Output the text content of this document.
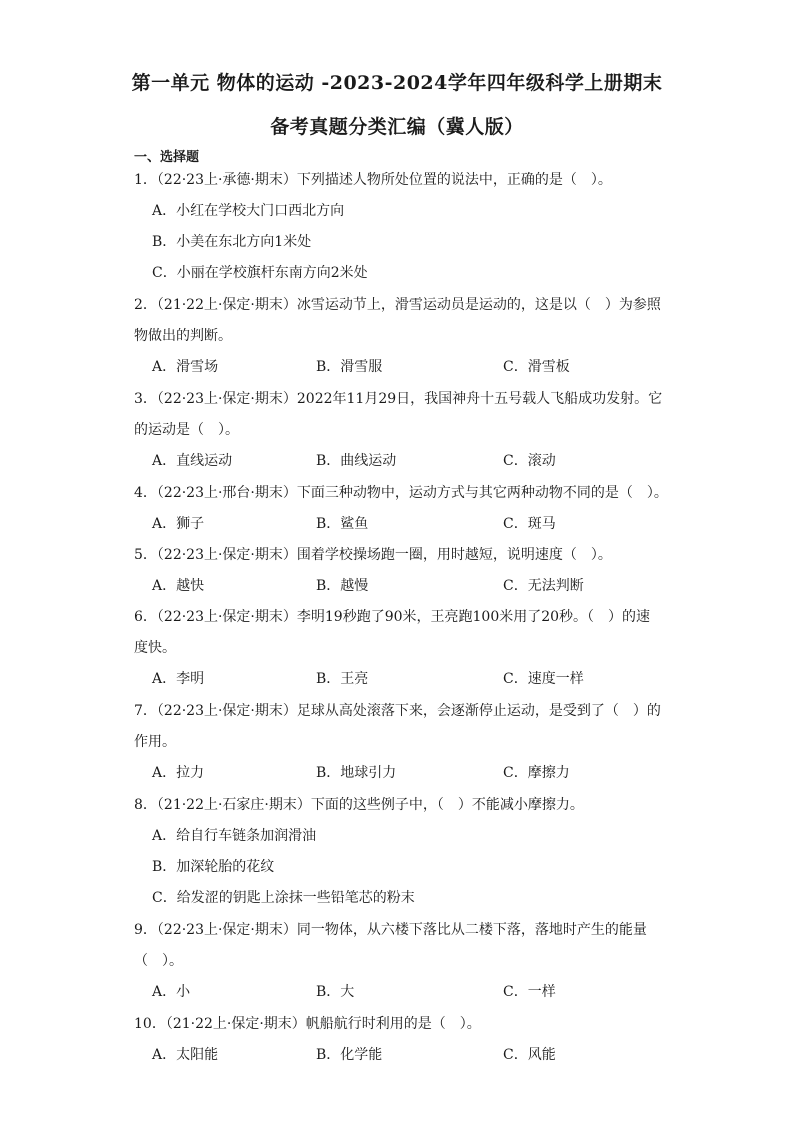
第一单元 物体的运动 -2023-2024学年四年级科学上册期末
备考真题分类汇编（冀人版）
一、选择题
1．（22·23上·承德·期末）下列描述人物所处位置的说法中，正确的是（　）。
A．小红在学校大门口西北方向
B．小美在东北方向1米处
C．小丽在学校旗杆东南方向2米处
2．（21·22上·保定·期末）冰雪运动节上，滑雪运动员是运动的，这是以（　）为参照
物做出的判断。
A．滑雪场	B．滑雪服	C．滑雪板
3．（22·23上·保定·期末）2022年11月29日，我国神舟十五号载人飞船成功发射。它
的运动是（　）。
A．直线运动	B．曲线运动	C．滚动
4．（22·23上·邢台·期末）下面三种动物中，运动方式与其它两种动物不同的是（　）。
A．狮子	B．鲨鱼	C．斑马
5．（22·23上·保定·期末）围着学校操场跑一圈，用时越短，说明速度（　）。
A．越快	B．越慢	C．无法判断
6．（22·23上·保定·期末）李明19秒跑了90米，王亮跑100米用了20秒。（　）的速
度快。
A．李明	B．王亮	C．速度一样
7．（22·23上·保定·期末）足球从高处滚落下来，会逐渐停止运动，是受到了（　）的
作用。
A．拉力	B．地球引力	C．摩擦力
8．（21·22上·石家庄·期末）下面的这些例子中，（　）不能减小摩擦力。
A．给自行车链条加润滑油
B．加深轮胎的花纹
C．给发涩的钥匙上涂抹一些铅笔芯的粉末
9．（22·23上·保定·期末）同一物体，从六楼下落比从二楼下落，落地时产生的能量
（　）。
A．小	B．大	C．一样
10．（21·22上·保定·期末）帆船航行时利用的是（　）。
A．太阳能	B．化学能	C．风能
